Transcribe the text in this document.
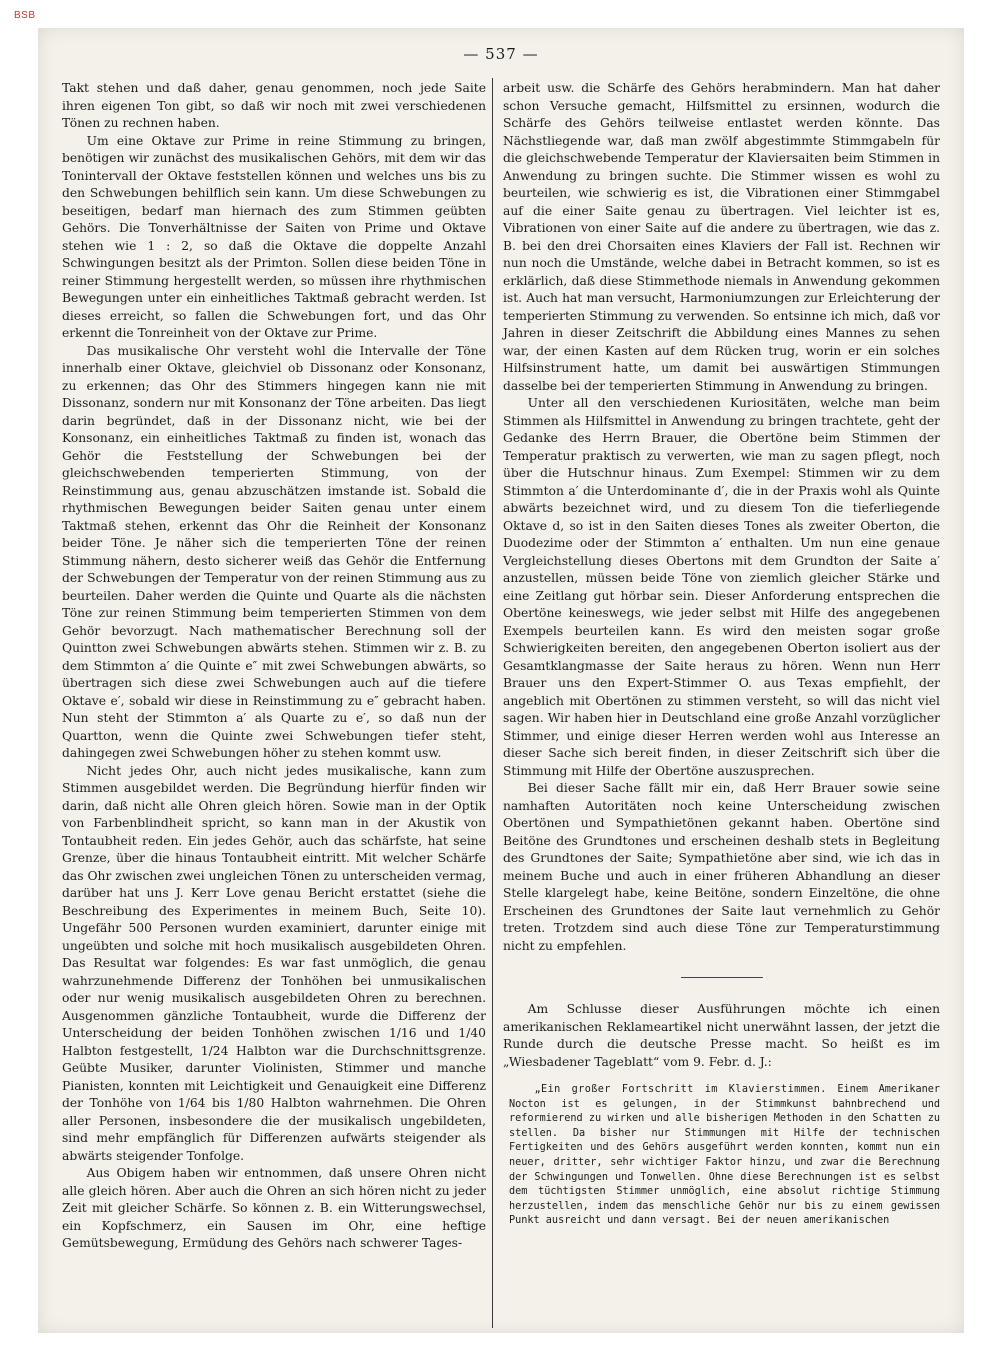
BSB
— 537 —

Takt stehen und daß daher, genau genommen, noch jede Saite ihren eigenen Ton gibt, so daß wir noch mit zwei verschiedenen Tönen zu rechnen haben.

Um eine Oktave zur Prime in reine Stimmung zu bringen, benötigen wir zunächst des musikalischen Gehörs, mit dem wir das Tonintervall der Oktave feststellen können und welches uns bis zu den Schwebungen behilflich sein kann. Um diese Schwebungen zu beseitigen, bedarf man hiernach des zum Stimmen geübten Gehörs. Die Tonverhältnisse der Saiten von Prime und Oktave stehen wie 1 : 2, so daß die Oktave die doppelte Anzahl Schwingungen besitzt als der Primton. Sollen diese beiden Töne in reiner Stimmung hergestellt werden, so müssen ihre rhythmischen Bewegungen unter ein einheitliches Taktmaß gebracht werden. Ist dieses erreicht, so fallen die Schwebungen fort, und das Ohr erkennt die Tonreinheit von der Oktave zur Prime.

Das musikalische Ohr versteht wohl die Intervalle der Töne innerhalb einer Oktave, gleichviel ob Dissonanz oder Konsonanz, zu erkennen; das Ohr des Stimmers hingegen kann nie mit Dissonanz, sondern nur mit Konsonanz der Töne arbeiten. Das liegt darin begründet, daß in der Dissonanz nicht, wie bei der Konsonanz, ein einheitliches Taktmaß zu finden ist, wonach das Gehör die Feststellung der Schwebungen bei der gleichschwebenden temperierten Stimmung, von der Reinstimmung aus, genau abzuschätzen imstande ist. Sobald die rhythmischen Bewegungen beider Saiten genau unter einem Taktmaß stehen, erkennt das Ohr die Reinheit der Konsonanz beider Töne. Je näher sich die temperierten Töne der reinen Stimmung nähern, desto sicherer weiß das Gehör die Entfernung der Schwebungen der Temperatur von der reinen Stimmung aus zu beurteilen. Daher werden die Quinte und Quarte als die nächsten Töne zur reinen Stimmung beim temperierten Stimmen von dem Gehör bevorzugt. Nach mathematischer Berechnung soll der Quintton zwei Schwebungen abwärts stehen. Stimmen wir z. B. zu dem Stimmton a′ die Quinte e″ mit zwei Schwebungen abwärts, so übertragen sich diese zwei Schwebungen auch auf die tiefere Oktave e′, sobald wir diese in Reinstimmung zu e″ gebracht haben. Nun steht der Stimmton a′ als Quarte zu e′, so daß nun der Quartton, wenn die Quinte zwei Schwebungen tiefer steht, dahingegen zwei Schwebungen höher zu stehen kommt usw.

Nicht jedes Ohr, auch nicht jedes musikalische, kann zum Stimmen ausgebildet werden. Die Begründung hierfür finden wir darin, daß nicht alle Ohren gleich hören. Sowie man in der Optik von Farbenblindheit spricht, so kann man in der Akustik von Tontaubheit reden. Ein jedes Gehör, auch das schärfste, hat seine Grenze, über die hinaus Tontaubheit eintritt. Mit welcher Schärfe das Ohr zwischen zwei ungleichen Tönen zu unterscheiden vermag, darüber hat uns J. Kerr Love genau Bericht erstattet (siehe die Beschreibung des Experimentes in meinem Buch, Seite 10). Ungefähr 500 Personen wurden examiniert, darunter einige mit ungeübten und solche mit hoch musikalisch ausgebildeten Ohren. Das Resultat war folgendes: Es war fast unmöglich, die genau wahrzunehmende Differenz der Tonhöhen bei unmusikalischen oder nur wenig musikalisch ausgebildeten Ohren zu berechnen. Ausgenommen gänzliche Tontaubheit, wurde die Differenz der Unterscheidung der beiden Tonhöhen zwischen 1/16 und 1/40 Halbton festgestellt, 1/24 Halbton war die Durchschnittsgrenze. Geübte Musiker, darunter Violinisten, Stimmer und manche Pianisten, konnten mit Leichtigkeit und Genauigkeit eine Differenz der Tonhöhe von 1/64 bis 1/80 Halbton wahrnehmen. Die Ohren aller Personen, insbesondere die der musikalisch ungebildeten, sind mehr empfänglich für Differenzen aufwärts steigender als abwärts steigender Tonfolge.

Aus Obigem haben wir entnommen, daß unsere Ohren nicht alle gleich hören. Aber auch die Ohren an sich hören nicht zu jeder Zeit mit gleicher Schärfe. So können z. B. ein Witterungswechsel, ein Kopfschmerz, ein Sausen im Ohr, eine heftige Gemütsbewegung, Ermüdung des Gehörs nach schwerer Tages-

arbeit usw. die Schärfe des Gehörs herabmindern. Man hat daher schon Versuche gemacht, Hilfsmittel zu ersinnen, wodurch die Schärfe des Gehörs teilweise entlastet werden könnte. Das Nächstliegende war, daß man zwölf abgestimmte Stimmgabeln für die gleichschwebende Temperatur der Klaviersaiten beim Stimmen in Anwendung zu bringen suchte. Die Stimmer wissen es wohl zu beurteilen, wie schwierig es ist, die Vibrationen einer Stimmgabel auf die einer Saite genau zu übertragen. Viel leichter ist es, Vibrationen von einer Saite auf die andere zu übertragen, wie das z. B. bei den drei Chorsaiten eines Klaviers der Fall ist. Rechnen wir nun noch die Umstände, welche dabei in Betracht kommen, so ist es erklärlich, daß diese Stimmethode niemals in Anwendung gekommen ist. Auch hat man versucht, Harmoniumzungen zur Erleichterung der temperierten Stimmung zu verwenden. So entsinne ich mich, daß vor Jahren in dieser Zeitschrift die Abbildung eines Mannes zu sehen war, der einen Kasten auf dem Rücken trug, worin er ein solches Hilfsinstrument hatte, um damit bei auswärtigen Stimmungen dasselbe bei der temperierten Stimmung in Anwendung zu bringen.

Unter all den verschiedenen Kuriositäten, welche man beim Stimmen als Hilfsmittel in Anwendung zu bringen trachtete, geht der Gedanke des Herrn Brauer, die Obertöne beim Stimmen der Temperatur praktisch zu verwerten, wie man zu sagen pflegt, noch über die Hutschnur hinaus. Zum Exempel: Stimmen wir zu dem Stimmton a′ die Unterdominante d′, die in der Praxis wohl als Quinte abwärts bezeichnet wird, und zu diesem Ton die tieferliegende Oktave d, so ist in den Saiten dieses Tones als zweiter Oberton, die Duodezime oder der Stimmton a′ enthalten. Um nun eine genaue Vergleichstellung dieses Obertons mit dem Grundton der Saite a′ anzustellen, müssen beide Töne von ziemlich gleicher Stärke und eine Zeitlang gut hörbar sein. Dieser Anforderung entsprechen die Obertöne keineswegs, wie jeder selbst mit Hilfe des angegebenen Exempels beurteilen kann. Es wird den meisten sogar große Schwierigkeiten bereiten, den angegebenen Oberton isoliert aus der Gesamtklangmasse der Saite heraus zu hören. Wenn nun Herr Brauer uns den Expert-Stimmer O. aus Texas empfiehlt, der angeblich mit Obertönen zu stimmen versteht, so will das nicht viel sagen. Wir haben hier in Deutschland eine große Anzahl vorzüglicher Stimmer, und einige dieser Herren werden wohl aus Interesse an dieser Sache sich bereit finden, in dieser Zeitschrift sich über die Stimmung mit Hilfe der Obertöne auszusprechen.

Bei dieser Sache fällt mir ein, daß Herr Brauer sowie seine namhaften Autoritäten noch keine Unterscheidung zwischen Obertönen und Sympathietönen gekannt haben. Obertöne sind Beitöne des Grundtones und erscheinen deshalb stets in Begleitung des Grundtones der Saite; Sympathietöne aber sind, wie ich das in meinem Buche und auch in einer früheren Abhandlung an dieser Stelle klargelegt habe, keine Beitöne, sondern Einzeltöne, die ohne Erscheinen des Grundtones der Saite laut vernehmlich zu Gehör treten. Trotzdem sind auch diese Töne zur Temperaturstimmung nicht zu empfehlen.

Am Schlusse dieser Ausführungen möchte ich einen amerikanischen Reklameartikel nicht unerwähnt lassen, der jetzt die Runde durch die deutsche Presse macht. So heißt es im „Wiesbadener Tageblatt“ vom 9. Febr. d. J.:

„Ein großer Fortschritt im Klavierstimmen. Einem Amerikaner Nocton ist es gelungen, in der Stimmkunst bahnbrechend und reformierend zu wirken und alle bisherigen Methoden in den Schatten zu stellen. Da bisher nur Stimmungen mit Hilfe der technischen Fertigkeiten und des Gehörs ausgeführt werden konnten, kommt nun ein neuer, dritter, sehr wichtiger Faktor hinzu, und zwar die Berechnung der Schwingungen und Tonwellen. Ohne diese Berechnungen ist es selbst dem tüchtigsten Stimmer unmöglich, eine absolut richtige Stimmung herzustellen, indem das menschliche Gehör nur bis zu einem gewissen Punkt ausreicht und dann versagt. Bei der neuen amerikanischen
